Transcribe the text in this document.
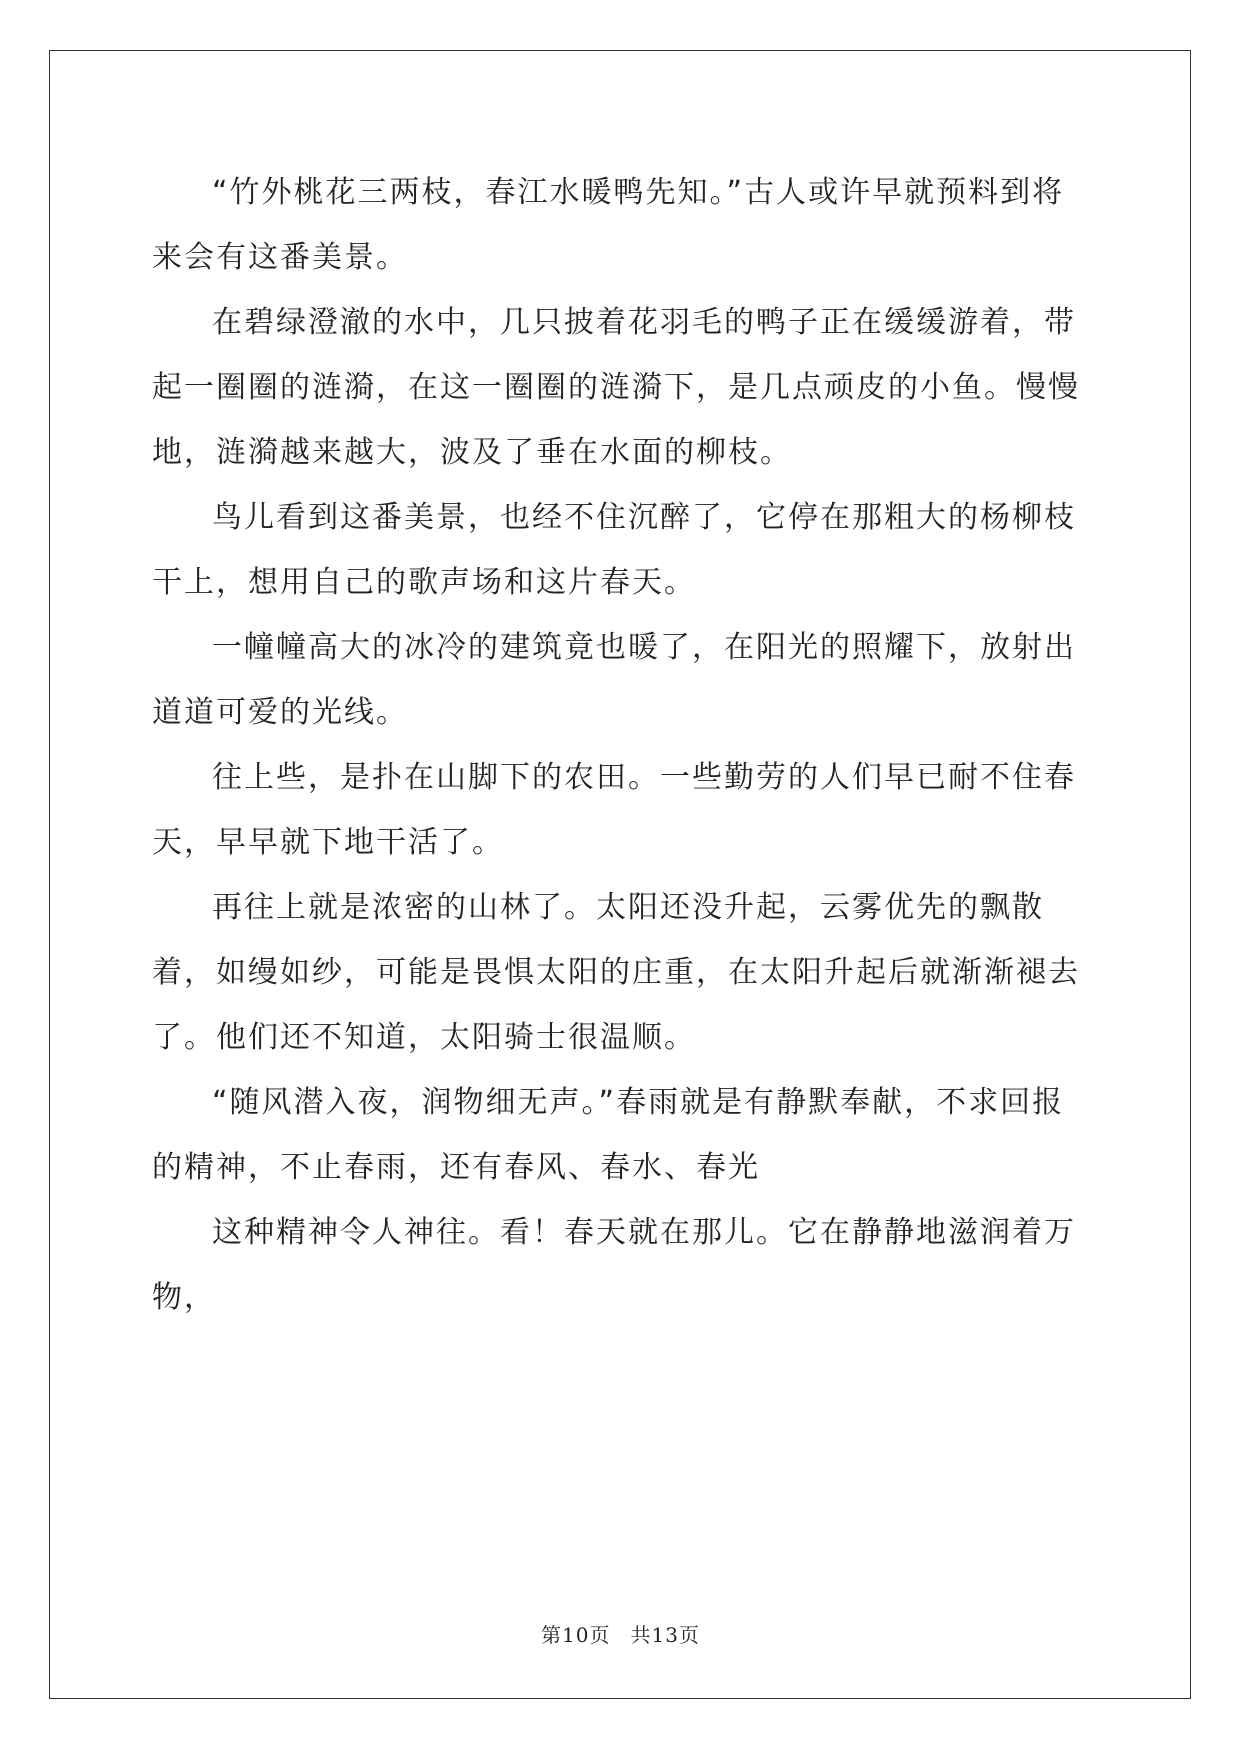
“竹外桃花三两枝，春江水暖鸭先知。”古人或许早就预料到将来会有这番美景。

在碧绿澄澈的水中，几只披着花羽毛的鸭子正在缓缓游着，带起一圈圈的涟漪，在这一圈圈的涟漪下，是几点顽皮的小鱼。慢慢地，涟漪越来越大，波及了垂在水面的柳枝。

鸟儿看到这番美景，也经不住沉醉了，它停在那粗大的杨柳枝干上，想用自己的歌声场和这片春天。

一幢幢高大的冰冷的建筑竟也暖了，在阳光的照耀下，放射出道道可爱的光线。

往上些，是扑在山脚下的农田。一些勤劳的人们早已耐不住春天，早早就下地干活了。

再往上就是浓密的山林了。太阳还没升起，云雾优先的飘散着，如缦如纱，可能是畏惧太阳的庄重，在太阳升起后就渐渐褪去了。他们还不知道，太阳骑士很温顺。

“随风潜入夜，润物细无声。”春雨就是有静默奉献，不求回报的精神，不止春雨，还有春风、春水、春光

这种精神令人神往。看！春天就在那儿。它在静静地滋润着万物，

第10页 共13页
